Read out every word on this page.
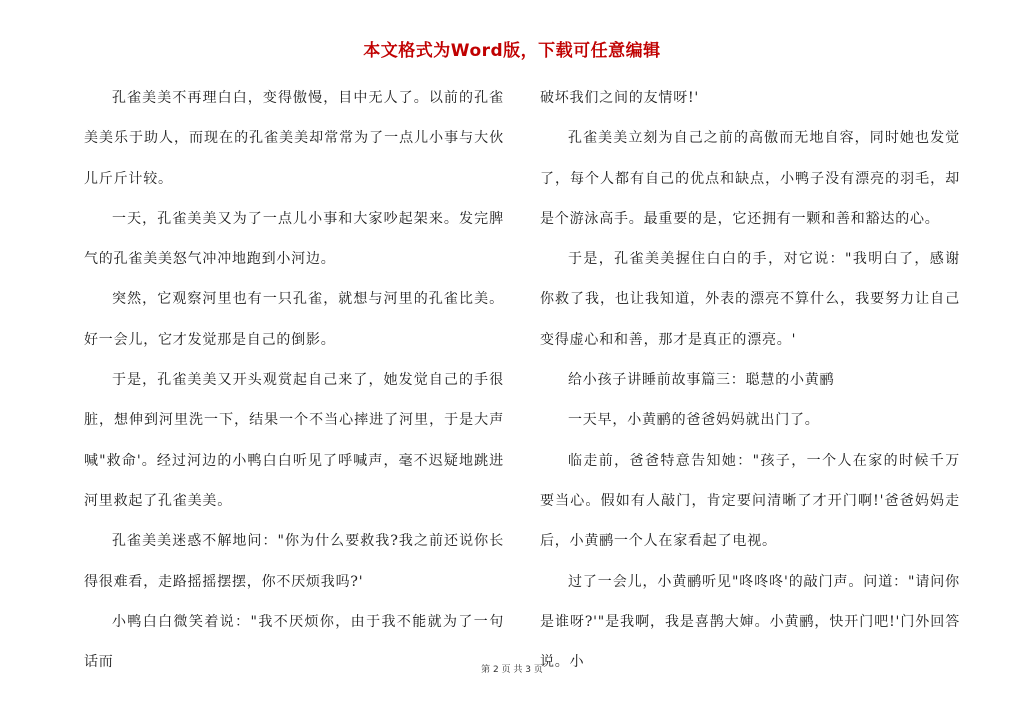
本文格式为Word版，下载可任意编辑

孔雀美美不再理白白，变得傲慢，目中无人了。以前的孔雀美美乐于助人，而现在的孔雀美美却常常为了一点儿小事与大伙儿斤斤计较。

一天，孔雀美美又为了一点儿小事和大家吵起架来。发完脾气的孔雀美美怒气冲冲地跑到小河边。

突然，它观察河里也有一只孔雀，就想与河里的孔雀比美。好一会儿，它才发觉那是自己的倒影。

于是，孔雀美美又开头观赏起自己来了，她发觉自己的手很脏，想伸到河里洗一下，结果一个不当心摔进了河里，于是大声喊"救命'。经过河边的小鸭白白听见了呼喊声，毫不迟疑地跳进河里救起了孔雀美美。

孔雀美美迷惑不解地问："你为什么要救我?我之前还说你长得很难看，走路摇摇摆摆，你不厌烦我吗?'

小鸭白白微笑着说："我不厌烦你，由于我不能就为了一句话而

破坏我们之间的友情呀!'

孔雀美美立刻为自己之前的高傲而无地自容，同时她也发觉了，每个人都有自己的优点和缺点，小鸭子没有漂亮的羽毛，却是个游泳高手。最重要的是，它还拥有一颗和善和豁达的心。

于是，孔雀美美握住白白的手，对它说："我明白了，感谢你救了我，也让我知道，外表的漂亮不算什么，我要努力让自己变得虚心和和善，那才是真正的漂亮。'

给小孩子讲睡前故事篇三：聪慧的小黄鹂

一天早，小黄鹂的爸爸妈妈就出门了。

临走前，爸爸特意告知她："孩子，一个人在家的时候千万要当心。假如有人敲门，肯定要问清晰了才开门啊!'爸爸妈妈走后，小黄鹂一个人在家看起了电视。

过了一会儿，小黄鹂听见"咚咚咚'的敲门声。问道："请问你是谁呀?'"是我啊，我是喜鹊大婶。小黄鹂，快开门吧!'门外回答说。小

第 2 页 共 3 页
